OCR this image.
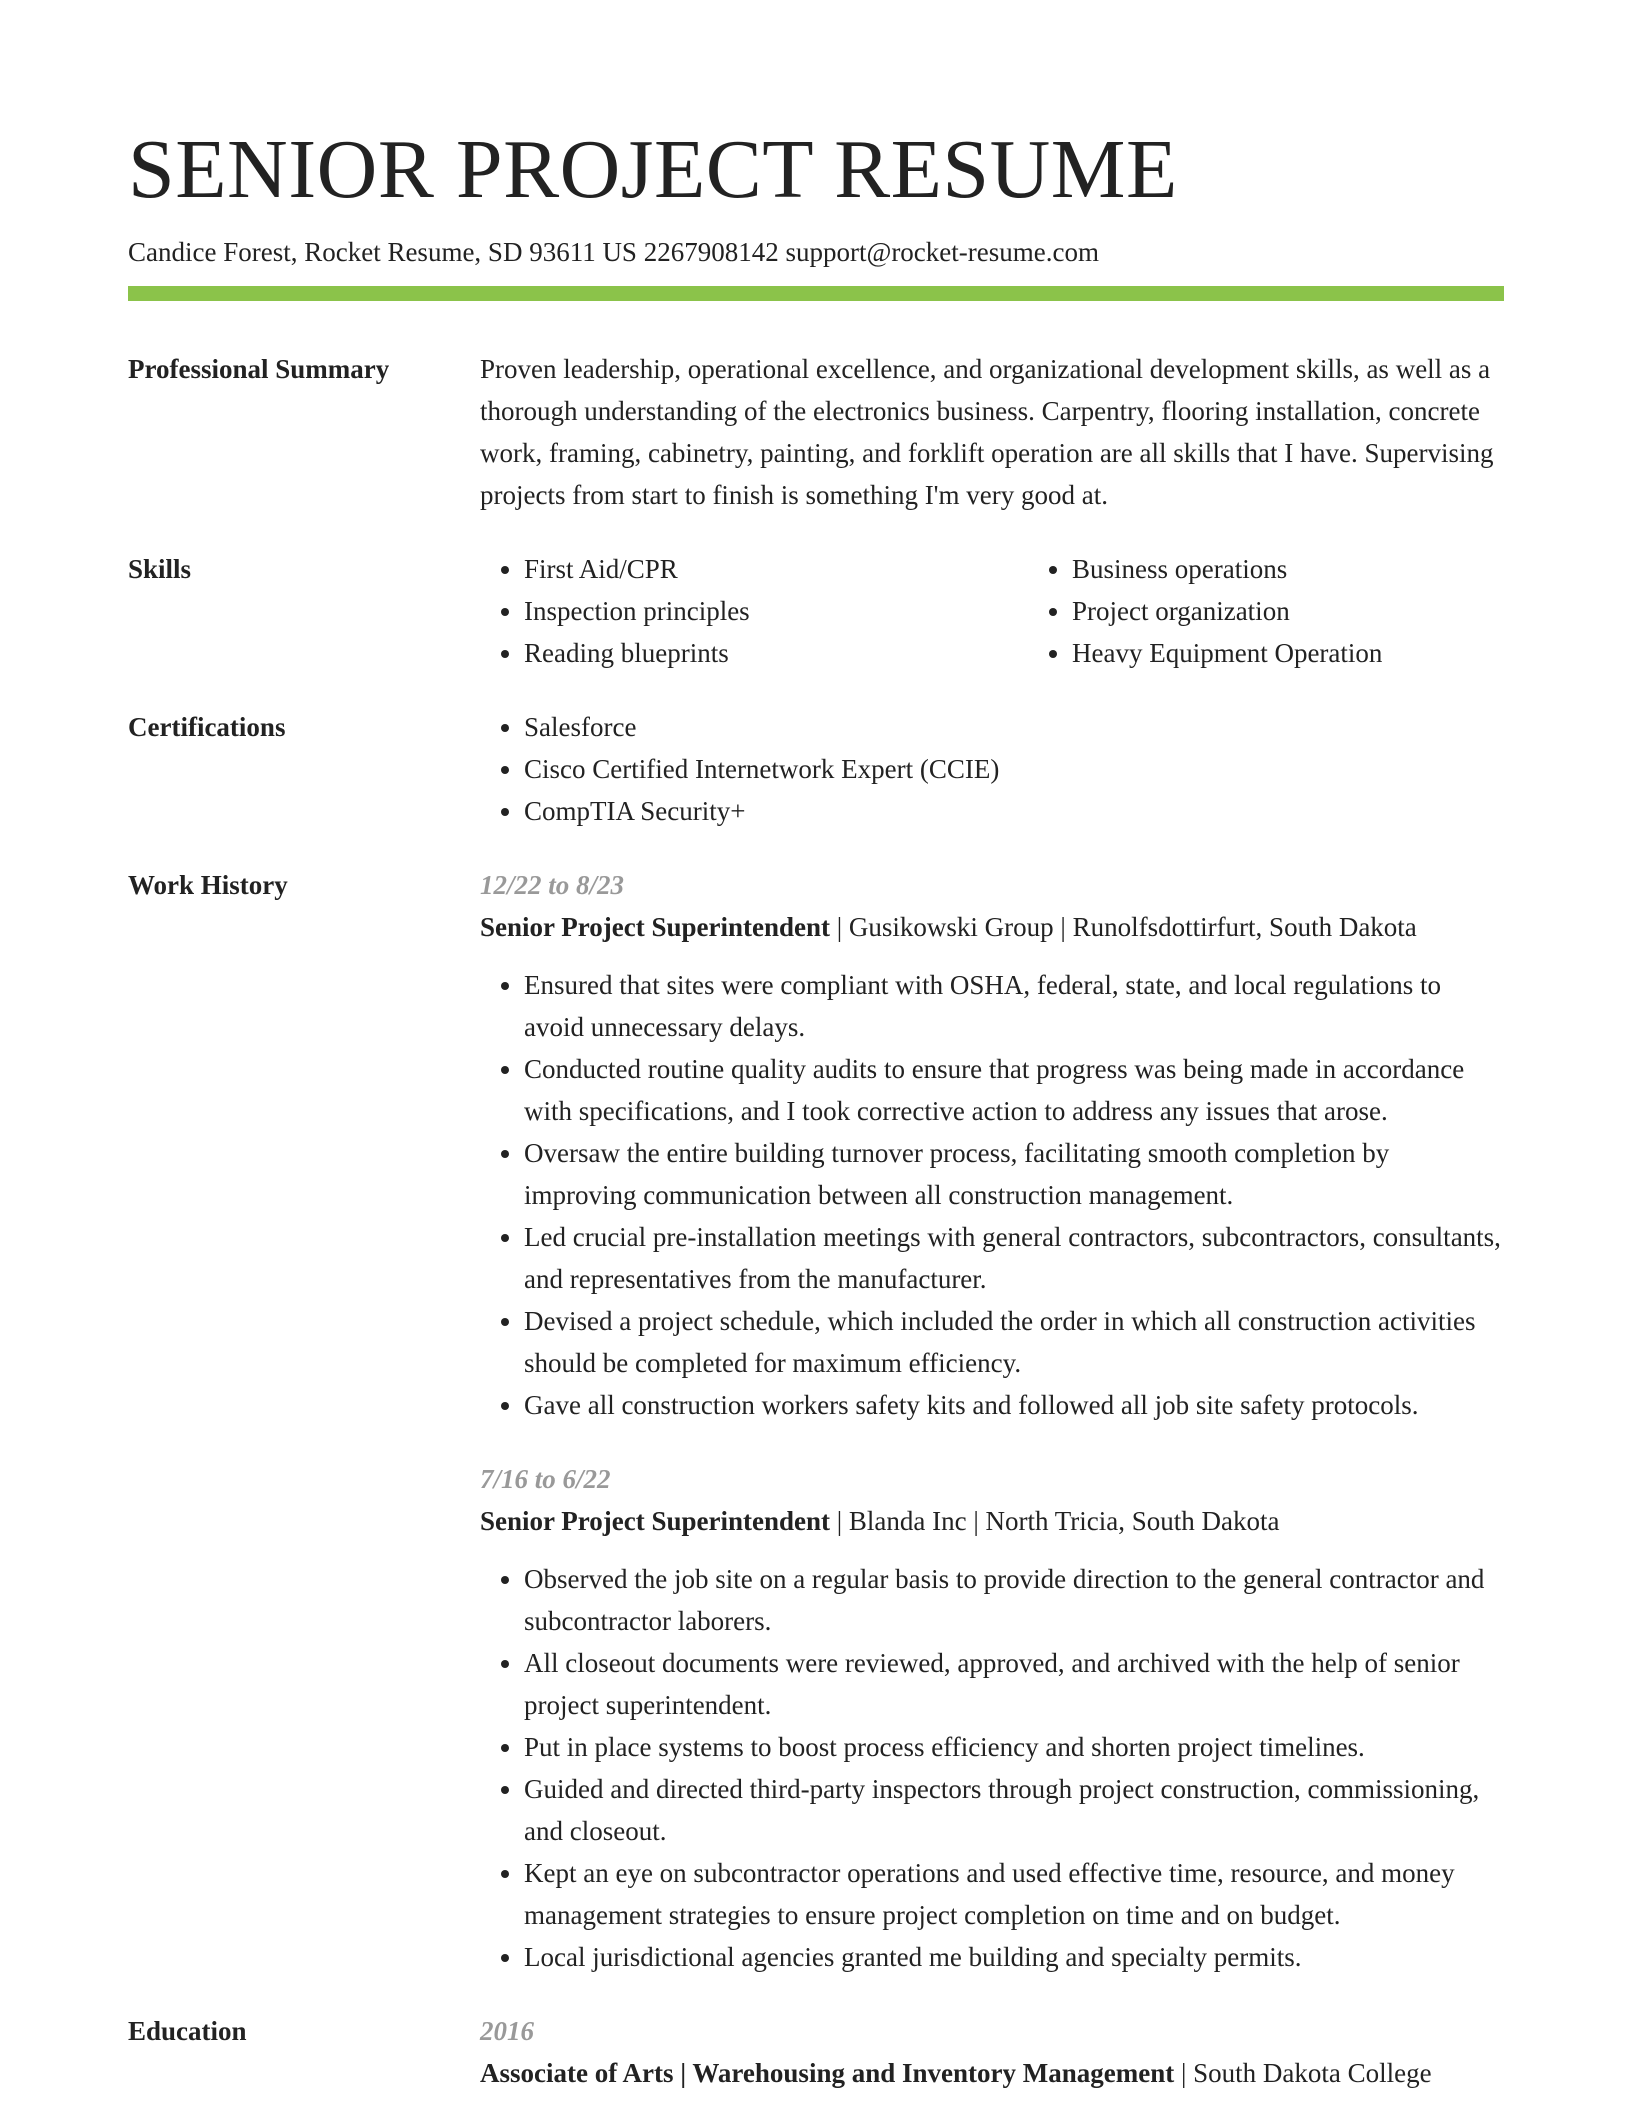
SENIOR PROJECT RESUME
Candice Forest, Rocket Resume, SD 93611 US 2267908142 support@rocket-resume.com
Professional Summary	Proven leadership, operational excellence, and organizational development skills, as well as a thorough understanding of the electronics business. Carpentry, flooring installation, concrete work, framing, cabinetry, painting, and forklift operation are all skills that I have. Supervising projects from start to finish is something I'm very good at.

Skills	• First Aid/CPR
• Inspection principles
• Reading blueprints
• Business operations
• Project organization
• Heavy Equipment Operation
Certifications	• Salesforce
• Cisco Certified Internetwork Expert (CCIE)
• CompTIA Security+
Work History	12/22 to 8/23
Senior Project Superintendent | Gusikowski Group | Runolfsdottirfurt, South Dakota
• Ensured that sites were compliant with OSHA, federal, state, and local regulations to avoid unnecessary delays.
• Conducted routine quality audits to ensure that progress was being made in accordance with specifications, and I took corrective action to address any issues that arose.
• Oversaw the entire building turnover process, facilitating smooth completion by improving communication between all construction management.
• Led crucial pre-installation meetings with general contractors, subcontractors, consultants, and representatives from the manufacturer.
• Devised a project schedule, which included the order in which all construction activities should be completed for maximum efficiency.
• Gave all construction workers safety kits and followed all job site safety protocols.
7/16 to 6/22
Senior Project Superintendent | Blanda Inc | North Tricia, South Dakota
• Observed the job site on a regular basis to provide direction to the general contractor and subcontractor laborers.
• All closeout documents were reviewed, approved, and archived with the help of senior project superintendent.
• Put in place systems to boost process efficiency and shorten project timelines.
• Guided and directed third-party inspectors through project construction, commissioning, and closeout.
• Kept an eye on subcontractor operations and used effective time, resource, and money management strategies to ensure project completion on time and on budget.
• Local jurisdictional agencies granted me building and specialty permits.
Education	2016
Associate of Arts | Warehousing and Inventory Management | South Dakota College
